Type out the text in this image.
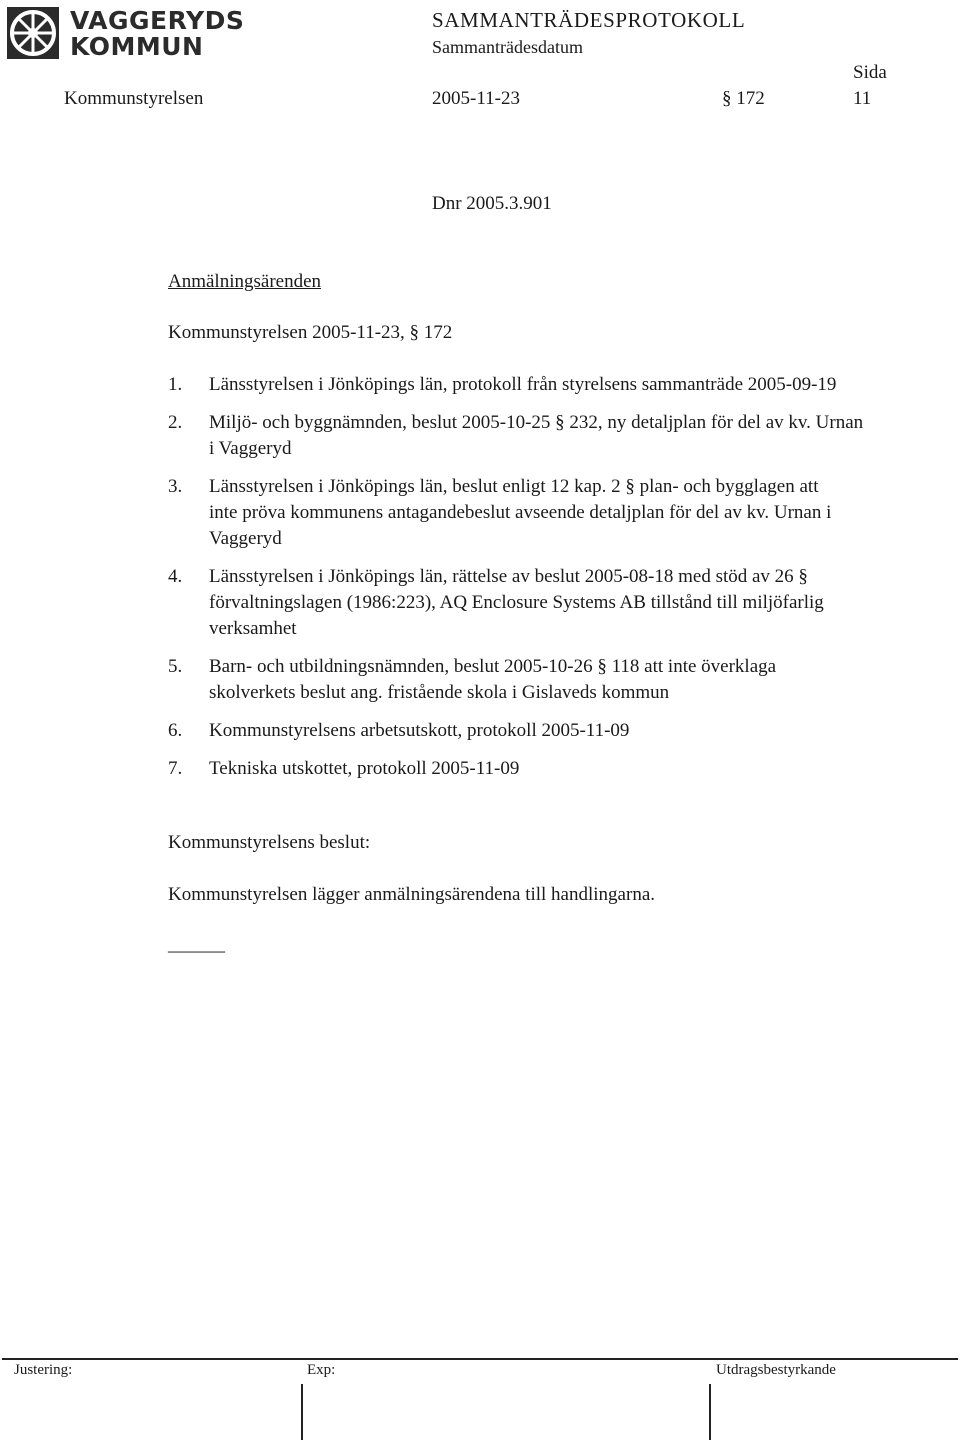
VAGGERYDS
KOMMUN
SAMMANTRÄDESPROTOKOLL
Sammanträdesdatum
Sida
Kommunstyrelsen	2005-11-23	§ 172	11
Dnr 2005.3.901
Anmälningsärenden
Kommunstyrelsen 2005-11-23, § 172
1. Länsstyrelsen i Jönköpings län, protokoll från styrelsens sammanträde 2005-09-19
2. Miljö- och byggnämnden, beslut 2005-10-25 § 232, ny detaljplan för del av kv. Urnan i Vaggeryd
Länsstyrelsen i Jönköpings län, beslut enligt 12 kap. 2 § plan- och bygglagen att inte pröva kommunens antagandebeslut avseende detaljplan för del av kv. Urnan i Vaggeryd
3.
4. Länsstyrelsen i Jönköpings län, rättelse av beslut 2005-08-18 med stöd av 26 § förvaltningslagen (1986:223), AQ Enclosure Systems AB tillstånd till miljöfarlig verksamhet
5. Barn- och utbildningsnämnden, beslut 2005-10-26 § 118 att inte överklaga skolverkets beslut ang. fristående skola i Gislaveds kommun
6. Kommunstyrelsens arbetsutskott, protokoll 2005-11-09
7. Tekniska utskottet, protokoll 2005-11-09
Kommunstyrelsens beslut:
Kommunstyrelsen lägger anmälningsärendena till handlingarna.
______
Justering:	Exp:	Utdragsbestyrkande
